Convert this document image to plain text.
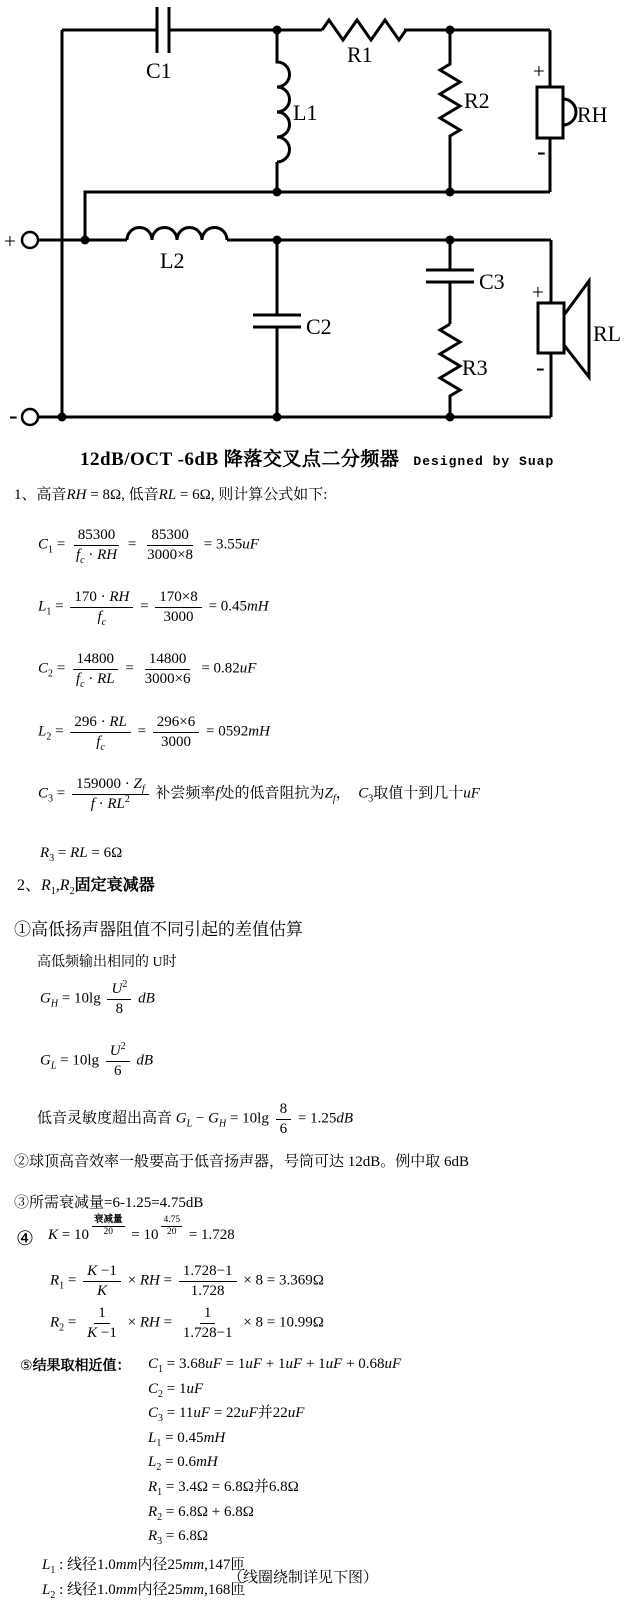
C1
L1
R1
R2
RH
+
-
L2
C2
C3
R3
RL
+
-
+
-
12dB/OCT -6dB 降落交叉点二分频器 Designed by Suap
1、高音RH = 8Ω, 低音RL = 6Ω, 则计算公式如下:
$C_1 = \frac{85300}{f_c \cdot RH} = \frac{85300}{3000\times 8} = 3.55uF$
$L_1 = \frac{170 \cdot RH}{f_c} = \frac{170\times 8}{3000} = 0.45mH$
$C_2 = \frac{14800}{f_c \cdot RL} = \frac{14800}{3000\times 6} = 0.82uF$
$L_2 = \frac{296 \cdot RL}{f_c} = \frac{296\times 6}{3000} = 0592mH$
$C_3 = \frac{159000 \cdot Z_f}{f \cdot RL^2}$ 补尝频率f处的低音阻抗为$Z_f$，  $C_3$取值十到几十uF
$R_3$ = RL = 6Ω
2、$R_1,R_2$固定衰减器
①高低扬声器阻值不同引起的差值估算
高低频输出相同的 U时
$G_H = 10\lg \frac{U^2}{8}$ dB
$G_L = 10\lg \frac{U^2}{6}$ dB
低音灵敏度超出高音 $G_L - G_H = 10\lg \frac{8}{6} = 1.25dB$
②球顶高音效率一般要高于低音扬声器，号筒可达 12dB。例中取 6dB
③所需衰减量=6-1.25=4.75dB
④ K = 10
衰减量
$20 = 10 \frac{4.75}{20} = 1.728$
$R_1 = \frac{K -1}{K}$ × RH = $\frac{1.728-1}{1.728} \times 8 = 3.369\Omega$
$R_2 = \frac{1}{K -1}$ × RH = $\frac{1}{1.728-1} \times 8 = 10.99\Omega$
⑤结果取相近值： $C_1 = 3.68uF = 1uF + 1uF + 1uF + 0.68uF$
$C_2 = 1uF$
$C_3 = 11uF = 22uF$并22uF
$L_1 = 0.45mH$
$L_2 = 0.6mH$
$R_1 = 3.4\Omega = 6.8\Omega$并6.8Ω
$R_2 = 6.8\Omega + 6.8\Omega$
$R_3 = 6.8\Omega$
$L_1$ : 线径1.0mm内径25mm,147匝
$L_2$ : 线径1.0mm内径25mm,168匝
（线圈绕制详见下图）
